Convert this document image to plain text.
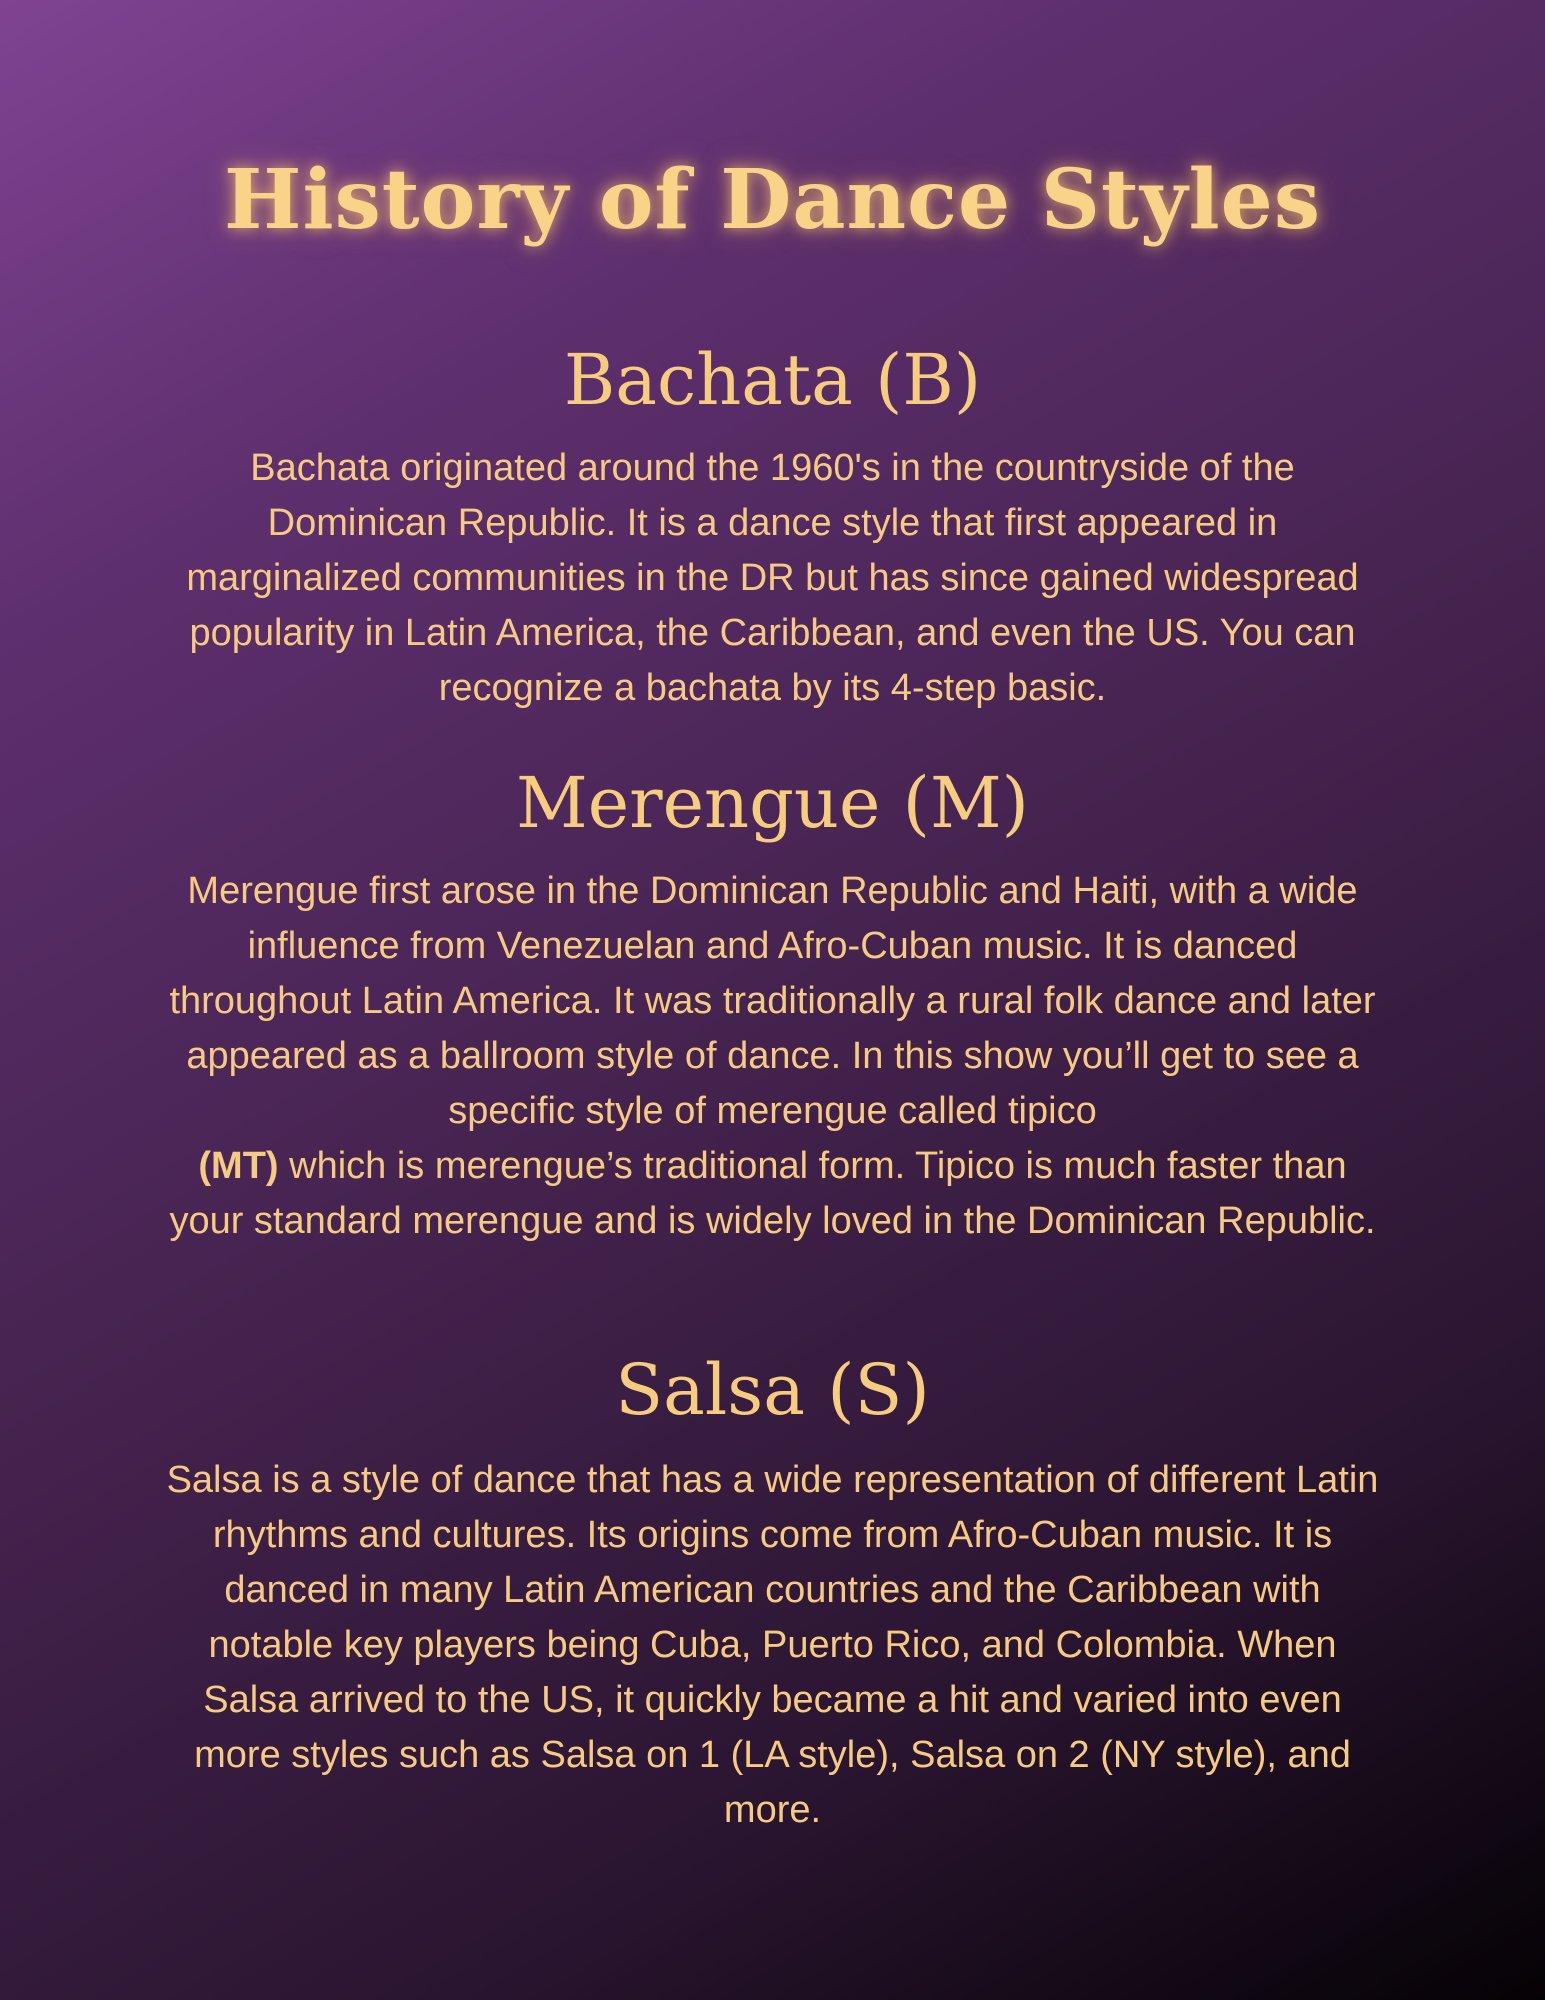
History of Dance Styles
Bachata (B)

Bachata originated around the 1960's in the countryside of the Dominican Republic. It is a dance style that first appeared in marginalized communities in the DR but has since gained widespread popularity in Latin America, the Caribbean, and even the US. You can recognize a bachata by its 4-step basic.

Merengue (M)

Merengue first arose in the Dominican Republic and Haiti, with a wide influence from Venezuelan and Afro-Cuban music. It is danced throughout Latin America. It was traditionally a rural folk dance and later appeared as a ballroom style of dance. In this show you’ll get to see a specific style of merengue called tipico
(MT) which is merengue’s traditional form. Tipico is much faster than your standard merengue and is widely loved in the Dominican Republic.

Salsa (S)

Salsa is a style of dance that has a wide representation of different Latin rhythms and cultures. Its origins come from Afro-Cuban music. It is danced in many Latin American countries and the Caribbean with notable key players being Cuba, Puerto Rico, and Colombia. When Salsa arrived to the US, it quickly became a hit and varied into even more styles such as Salsa on 1 (LA style), Salsa on 2 (NY style), and more.
